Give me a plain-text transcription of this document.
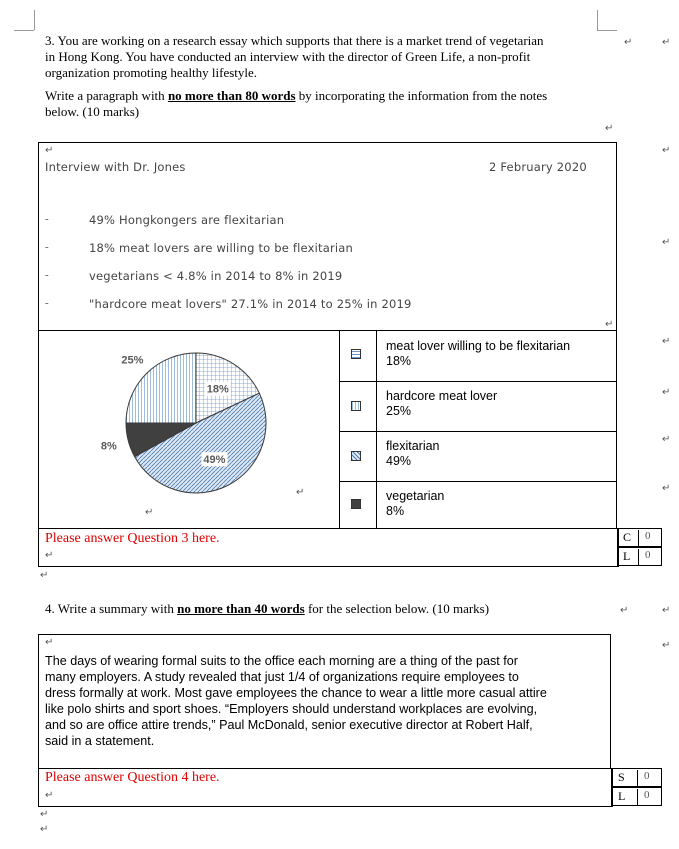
3. You are working on a research essay which supports that there is a market trend of vegetarian
in Hong Kong. You have conducted an interview with the director of Green Life, a non-profit
organization promoting healthy lifestyle.
Write a paragraph with no more than 80 words by incorporating the information from the notes
below. (10 marks)
↵	↵
↵
↵
↵
↵
↵
↵
↵
↵
Interview with Dr. Jones	2 February 2020
-	49% Hongkongers are flexitarian
-	18% meat lovers are willing to be flexitarian
-	vegetarians < 4.8% in 2014 to 8% in 2019
-	"hardcore meat lovers" 27.1% in 2014 to 25% in 2019
↵
18%
49%
8%
25%
↵
↵
meat lover willing to be flexitarian
18%
hardcore meat lover
25%
flexitarian
49%
vegetarian
8%
Please answer Question 3 here.
↵
C 0
L 0
↵
4. Write a summary with no more than 40 words for the selection below. (10 marks)	↵	↵
↵
↵
The days of wearing formal suits to the office each morning are a thing of the past for
many employers. A study revealed that just 1/4 of organizations require employees to
dress formally at work. Most gave employees the chance to wear a little more casual attire
like polo shirts and sport shoes. “Employers should understand workplaces are evolving,
and so are office attire trends,” Paul McDonald, senior executive director at Robert Half,
said in a statement.
Please answer Question 4 here.
↵
S 0
L 0
↵
↵
